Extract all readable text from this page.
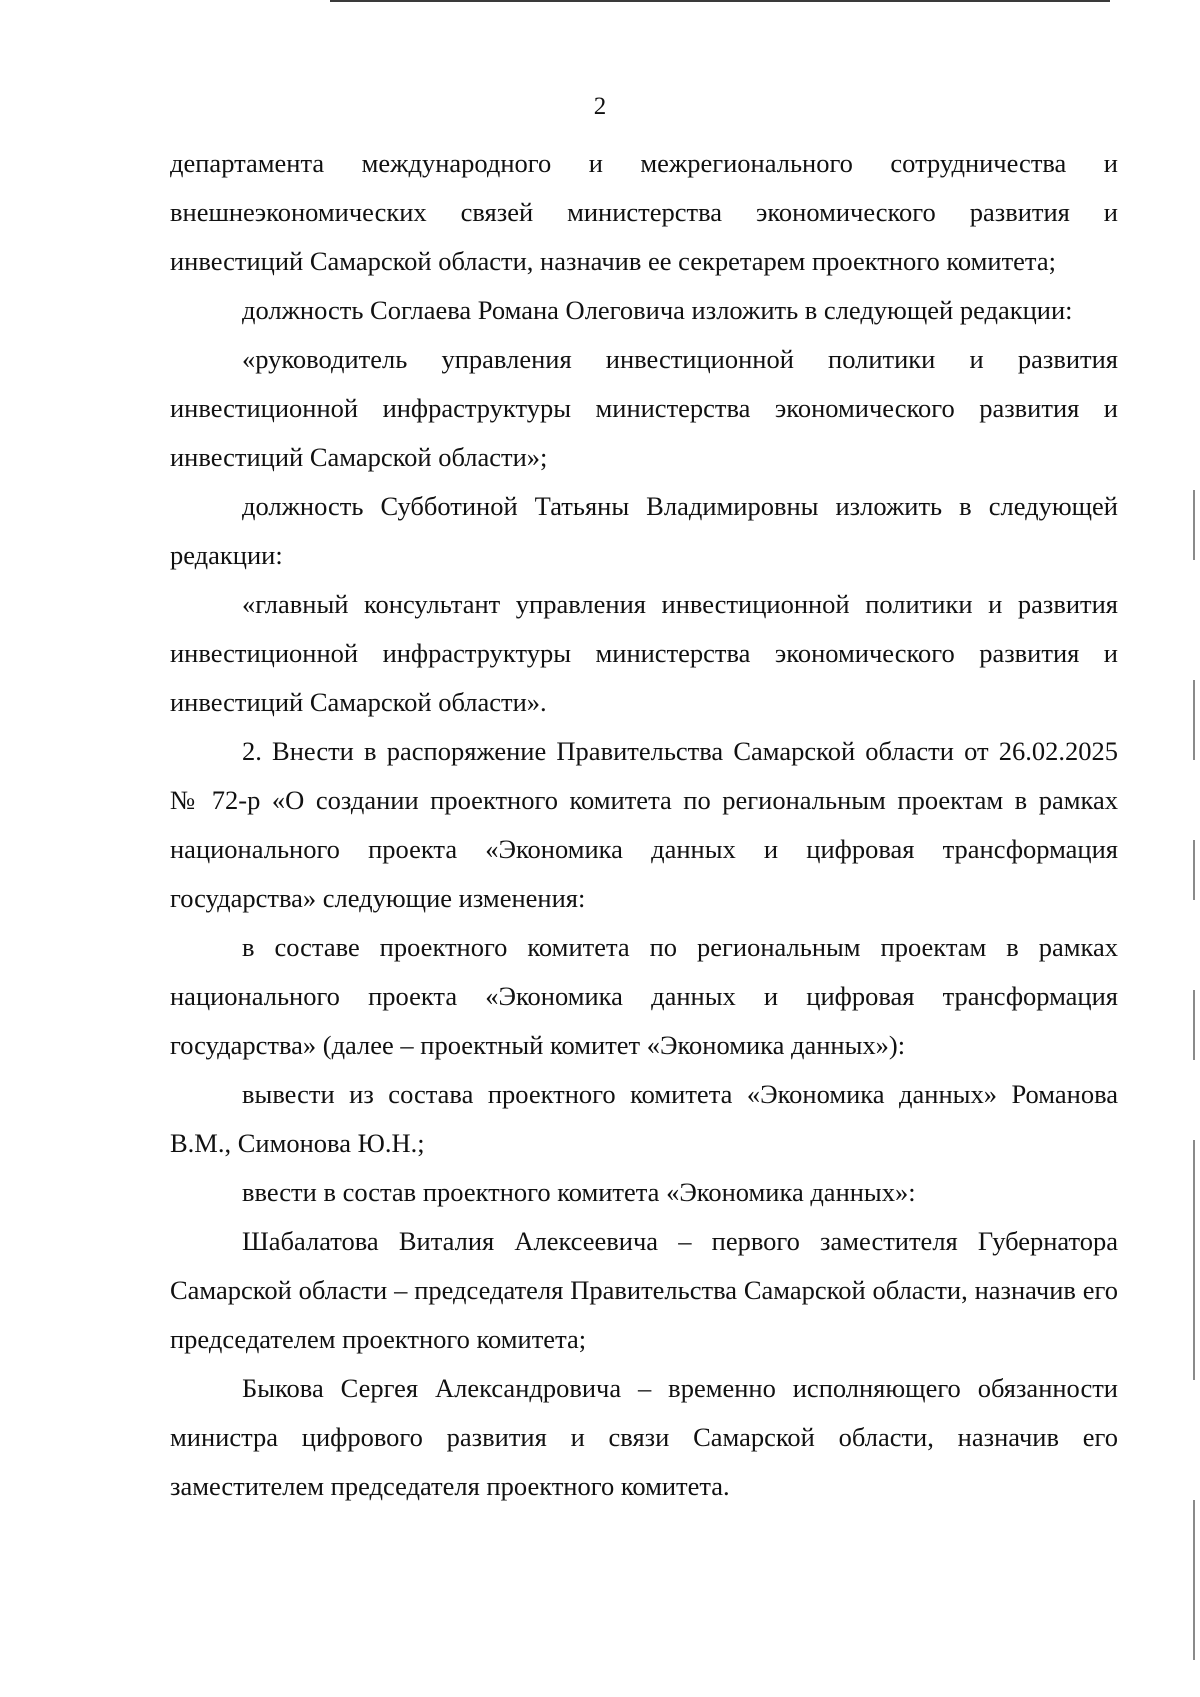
2

департамента международного и межрегионального сотрудничества и внешнеэкономических связей министерства экономического развития и инвестиций Самарской области, назначив ее секретарем проектного комитета;

должность Соглаева Романа Олеговича изложить в следующей редакции:

«руководитель управления инвестиционной политики и развития инвестиционной инфраструктуры министерства экономического развития и инвестиций Самарской области»;

должность Субботиной Татьяны Владимировны изложить в следующей редакции:

«главный консультант управления инвестиционной политики и развития инвестиционной инфраструктуры министерства экономического развития и инвестиций Самарской области».

2. Внести в распоряжение Правительства Самарской области от 26.02.2025 № 72-р «О создании проектного комитета по региональным проектам в рамках национального проекта «Экономика данных и цифровая трансформация государства» следующие изменения:

в составе проектного комитета по региональным проектам в рамках национального проекта «Экономика данных и цифровая трансформация государства» (далее – проектный комитет «Экономика данных»):

вывести из состава проектного комитета «Экономика данных» Романова В.М., Симонова Ю.Н.;

ввести в состав проектного комитета «Экономика данных»:

Шабалатова Виталия Алексеевича – первого заместителя Губернатора Самарской области – председателя Правительства Самарской области, назначив его председателем проектного комитета;

Быкова Сергея Александровича – временно исполняющего обязанности министра цифрового развития и связи Самарской области, назначив его заместителем председателя проектного комитета.
